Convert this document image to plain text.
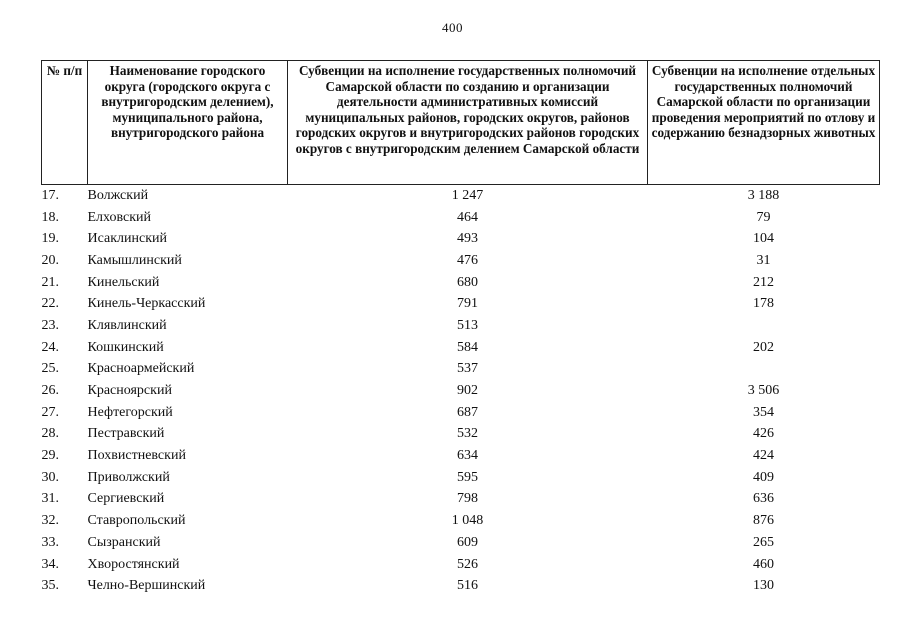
400
№ п/п	Наименование городского округа (городского округа с внутригородским делением), муниципального района, внутригородского района	Субвенции на исполнение государственных полномочий Самарской области по созданию и организации деятельности административных комиссий муниципальных районов, городских округов, районов городских округов и внутригородских районов городских округов с внутригородским делением Самарской области	Субвенции на исполнение отдельных государственных полномочий Самарской области по организации проведения мероприятий по отлову и содержанию безнадзорных животных
17.	Волжский	1 247	3 188
18.	Елховский	464	79
19.	Исаклинский	493	104
20.	Камышлинский	476	31
21.	Кинельский	680	212
22.	Кинель-Черкасский	791	178
23.	Клявлинский	513	
24.	Кошкинский	584	202
25.	Красноармейский	537	
26.	Красноярский	902	3 506
27.	Нефтегорский	687	354
28.	Пестравский	532	426
29.	Похвистневский	634	424
30.	Приволжский	595	409
31.	Сергиевский	798	636
32.	Ставропольский	1 048	876
33.	Сызранский	609	265
34.	Хворостянский	526	460
35.	Челно-Вершинский	516	130
